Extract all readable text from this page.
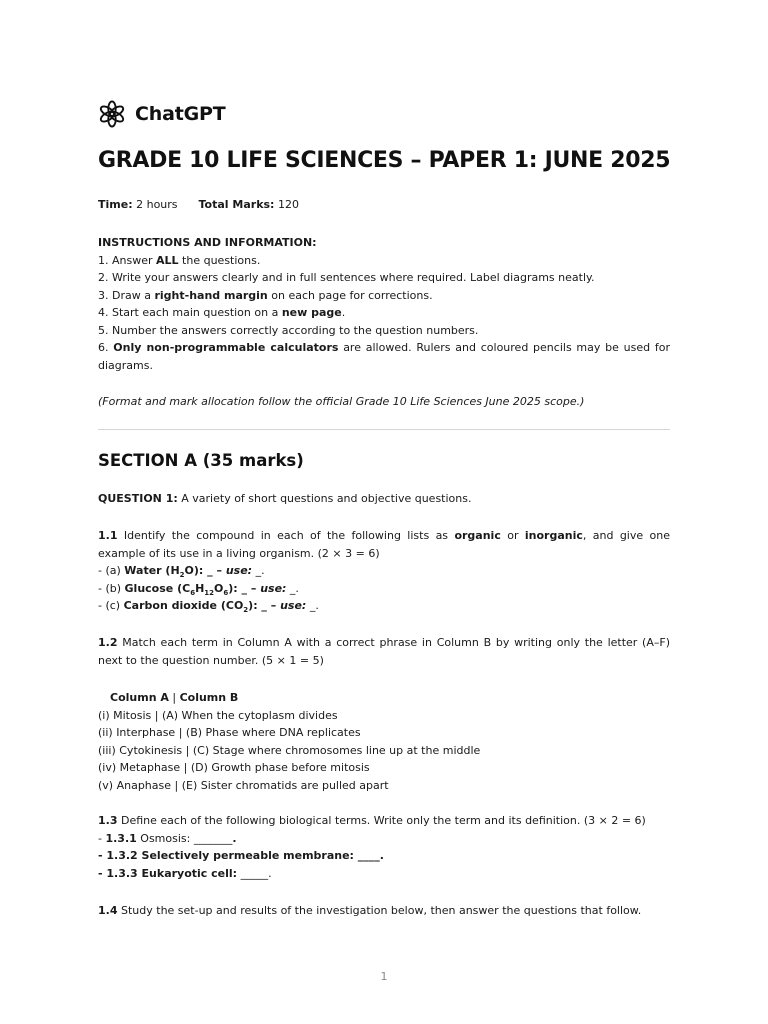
ChatGPT
GRADE 10 LIFE SCIENCES – PAPER 1: JUNE 2025
Time: 2 hours Total Marks: 120

INSTRUCTIONS AND INFORMATION:

1. Answer ALL the questions.

2. Write your answers clearly and in full sentences where required. Label diagrams neatly.

3. Draw a right-hand margin on each page for corrections.

4. Start each main question on a new page.

5. Number the answers correctly according to the question numbers.

6. Only non-programmable calculators are allowed. Rulers and coloured pencils may be used for diagrams.

(Format and mark allocation follow the official Grade 10 Life Sciences June 2025 scope.)

SECTION A (35 marks)

QUESTION 1: A variety of short questions and objective questions.

1.1 Identify the compound in each of the following lists as organic or inorganic, and give one example of its use in a living organism. (2 × 3 = 6)

- (a) Water $(H_2O)$: _ – use: _.

- (b) Glucose $(C_6H_{12}O_6)$: _ – use: _.

- (c) Carbon dioxide $(CO_2)$: _ – use: _.

1.2 Match each term in Column A with a correct phrase in Column B by writing only the letter (A–F) next to the question number. (5 × 1 = 5)

Column A | Column B

(i) Mitosis | (A) When the cytoplasm divides

(ii) Interphase | (B) Phase where DNA replicates

(iii) Cytokinesis | (C) Stage where chromosomes line up at the middle

(iv) Metaphase | (D) Growth phase before mitosis

(v) Anaphase | (E) Sister chromatids are pulled apart

1.3 Define each of the following biological terms. Write only the term and its definition. (3 × 2 = 6)

- 1.3.1 Osmosis: _______.

- 1.3.2 Selectively permeable membrane: ____.

- 1.3.3 Eukaryotic cell: _____.

1.4 Study the set-up and results of the investigation below, then answer the questions that follow.

1
